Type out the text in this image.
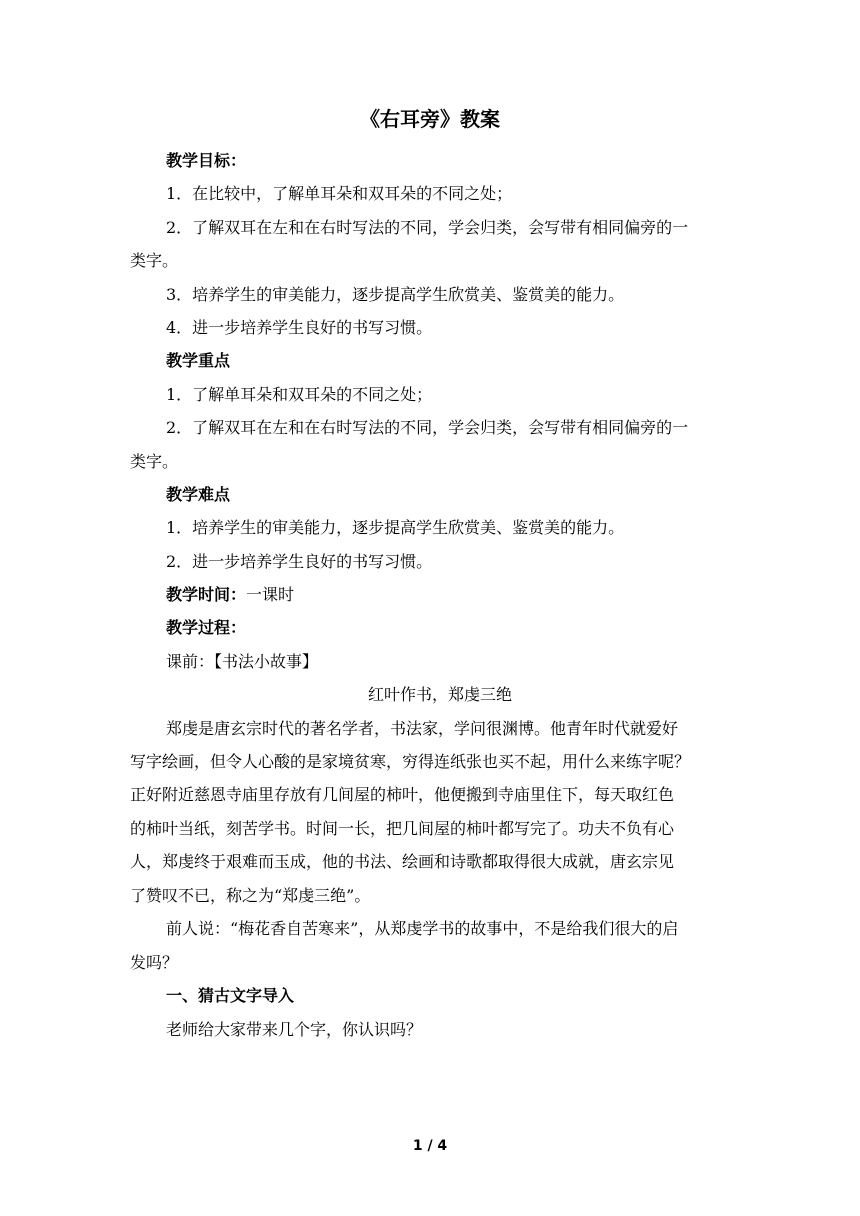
《右耳旁》教案
教学目标：
1．在比较中，了解单耳朵和双耳朵的不同之处；
2．了解双耳在左和在右时写法的不同，学会归类，会写带有相同偏旁的一
类字。
3．培养学生的审美能力，逐步提高学生欣赏美、鉴赏美的能力。
4．进一步培养学生良好的书写习惯。
教学重点
1．了解单耳朵和双耳朵的不同之处；
2．了解双耳在左和在右时写法的不同，学会归类，会写带有相同偏旁的一
类字。
教学难点
1．培养学生的审美能力，逐步提高学生欣赏美、鉴赏美的能力。
2．进一步培养学生良好的书写习惯。
教学时间：一课时
教学过程：
课前：【书法小故事】
红叶作书，郑虔三绝
郑虔是唐玄宗时代的著名学者，书法家，学问很渊博。他青年时代就爱好
写字绘画，但令人心酸的是家境贫寒，穷得连纸张也买不起，用什么来练字呢？
正好附近慈恩寺庙里存放有几间屋的柿叶，他便搬到寺庙里住下，每天取红色
的柿叶当纸，刻苦学书。时间一长，把几间屋的柿叶都写完了。功夫不负有心
人，郑虔终于艰难而玉成，他的书法、绘画和诗歌都取得很大成就，唐玄宗见
了赞叹不已，称之为“郑虔三绝”。
前人说：“梅花香自苦寒来”，从郑虔学书的故事中，不是给我们很大的启
发吗？
一、猜古文字导入
老师给大家带来几个字，你认识吗？
1 / 4
